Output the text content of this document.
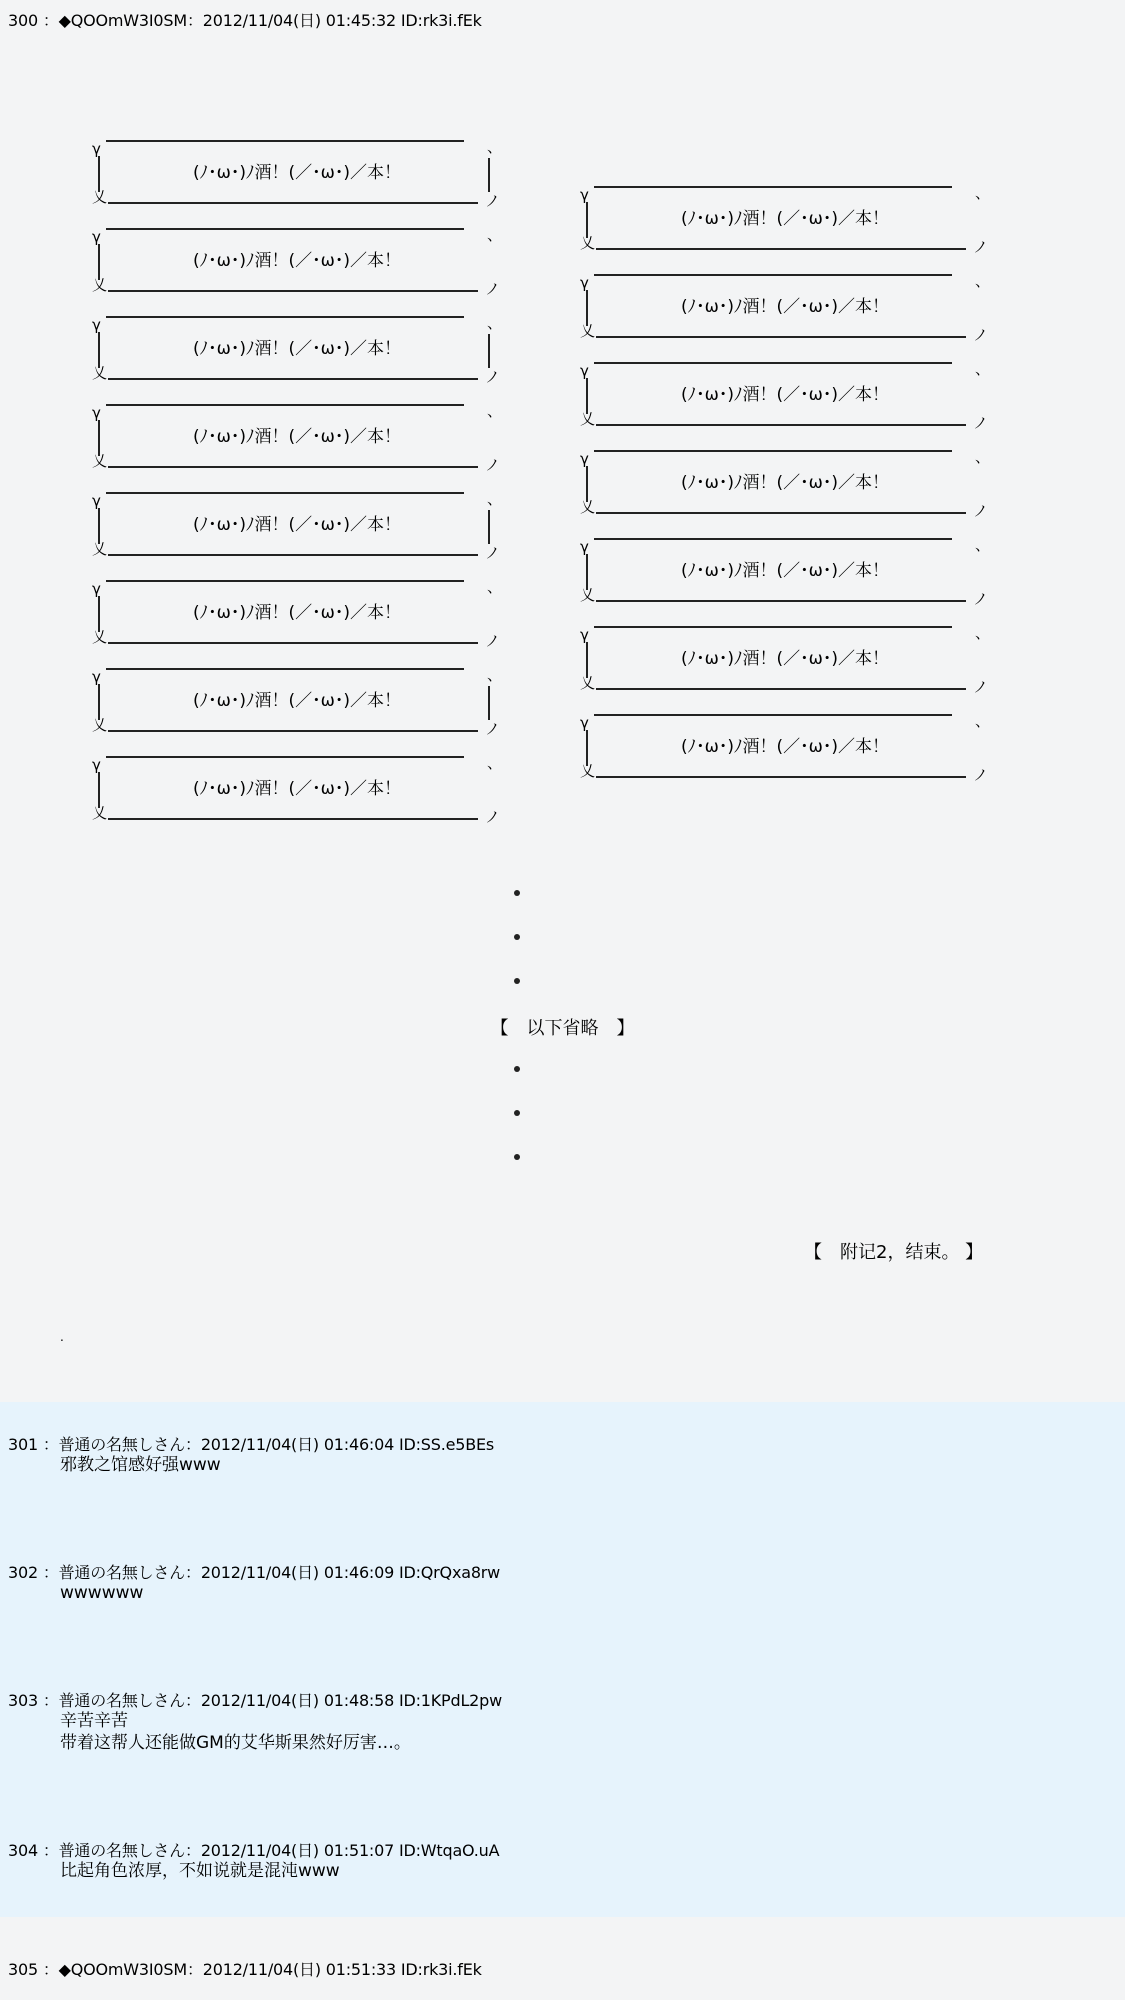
300 ：◆QOOmW3I0SM：2012/11/04(日) 01:45:32 ID:rk3i.fEk
【　以下省略　】
【　附记2，结束。 】
.
γ	、
乂	ノ
(ﾉ･ω･)ﾉ酒！(／･ω･)／本！
γ	、
乂	ノ
(ﾉ･ω･)ﾉ酒！(／･ω･)／本！
γ	、
乂	ノ
(ﾉ･ω･)ﾉ酒！(／･ω･)／本！
γ	、
乂	ノ
(ﾉ･ω･)ﾉ酒！(／･ω･)／本！
γ	、
乂	ノ
(ﾉ･ω･)ﾉ酒！(／･ω･)／本！
γ	、
乂	ノ
(ﾉ･ω･)ﾉ酒！(／･ω･)／本！
γ	、
乂	ノ
(ﾉ･ω･)ﾉ酒！(／･ω･)／本！
γ	、
乂	ノ
(ﾉ･ω･)ﾉ酒！(／･ω･)／本！
γ	、
乂	ノ
(ﾉ･ω･)ﾉ酒！(／･ω･)／本！
γ	、
乂	ノ
(ﾉ･ω･)ﾉ酒！(／･ω･)／本！
γ	、
乂	ノ
(ﾉ･ω･)ﾉ酒！(／･ω･)／本！
γ	、
乂	ノ
(ﾉ･ω･)ﾉ酒！(／･ω･)／本！
γ	、
乂	ノ
(ﾉ･ω･)ﾉ酒！(／･ω･)／本！
γ	、
乂	ノ
(ﾉ･ω･)ﾉ酒！(／･ω･)／本！
γ	、
乂	ノ
(ﾉ･ω･)ﾉ酒！(／･ω･)／本！
301 ：普通の名無しさん：2012/11/04(日) 01:46:04 ID:SS.e5BEs
邪教之馆感好强www
302 ：普通の名無しさん：2012/11/04(日) 01:46:09 ID:QrQxa8rw
wwwwww
303 ：普通の名無しさん：2012/11/04(日) 01:48:58 ID:1KPdL2pw
辛苦辛苦
带着这帮人还能做GM的艾华斯果然好厉害…。
304 ：普通の名無しさん：2012/11/04(日) 01:51:07 ID:WtqaO.uA
比起角色浓厚，不如说就是混沌www
305 ：◆QOOmW3I0SM：2012/11/04(日) 01:51:33 ID:rk3i.fEk
